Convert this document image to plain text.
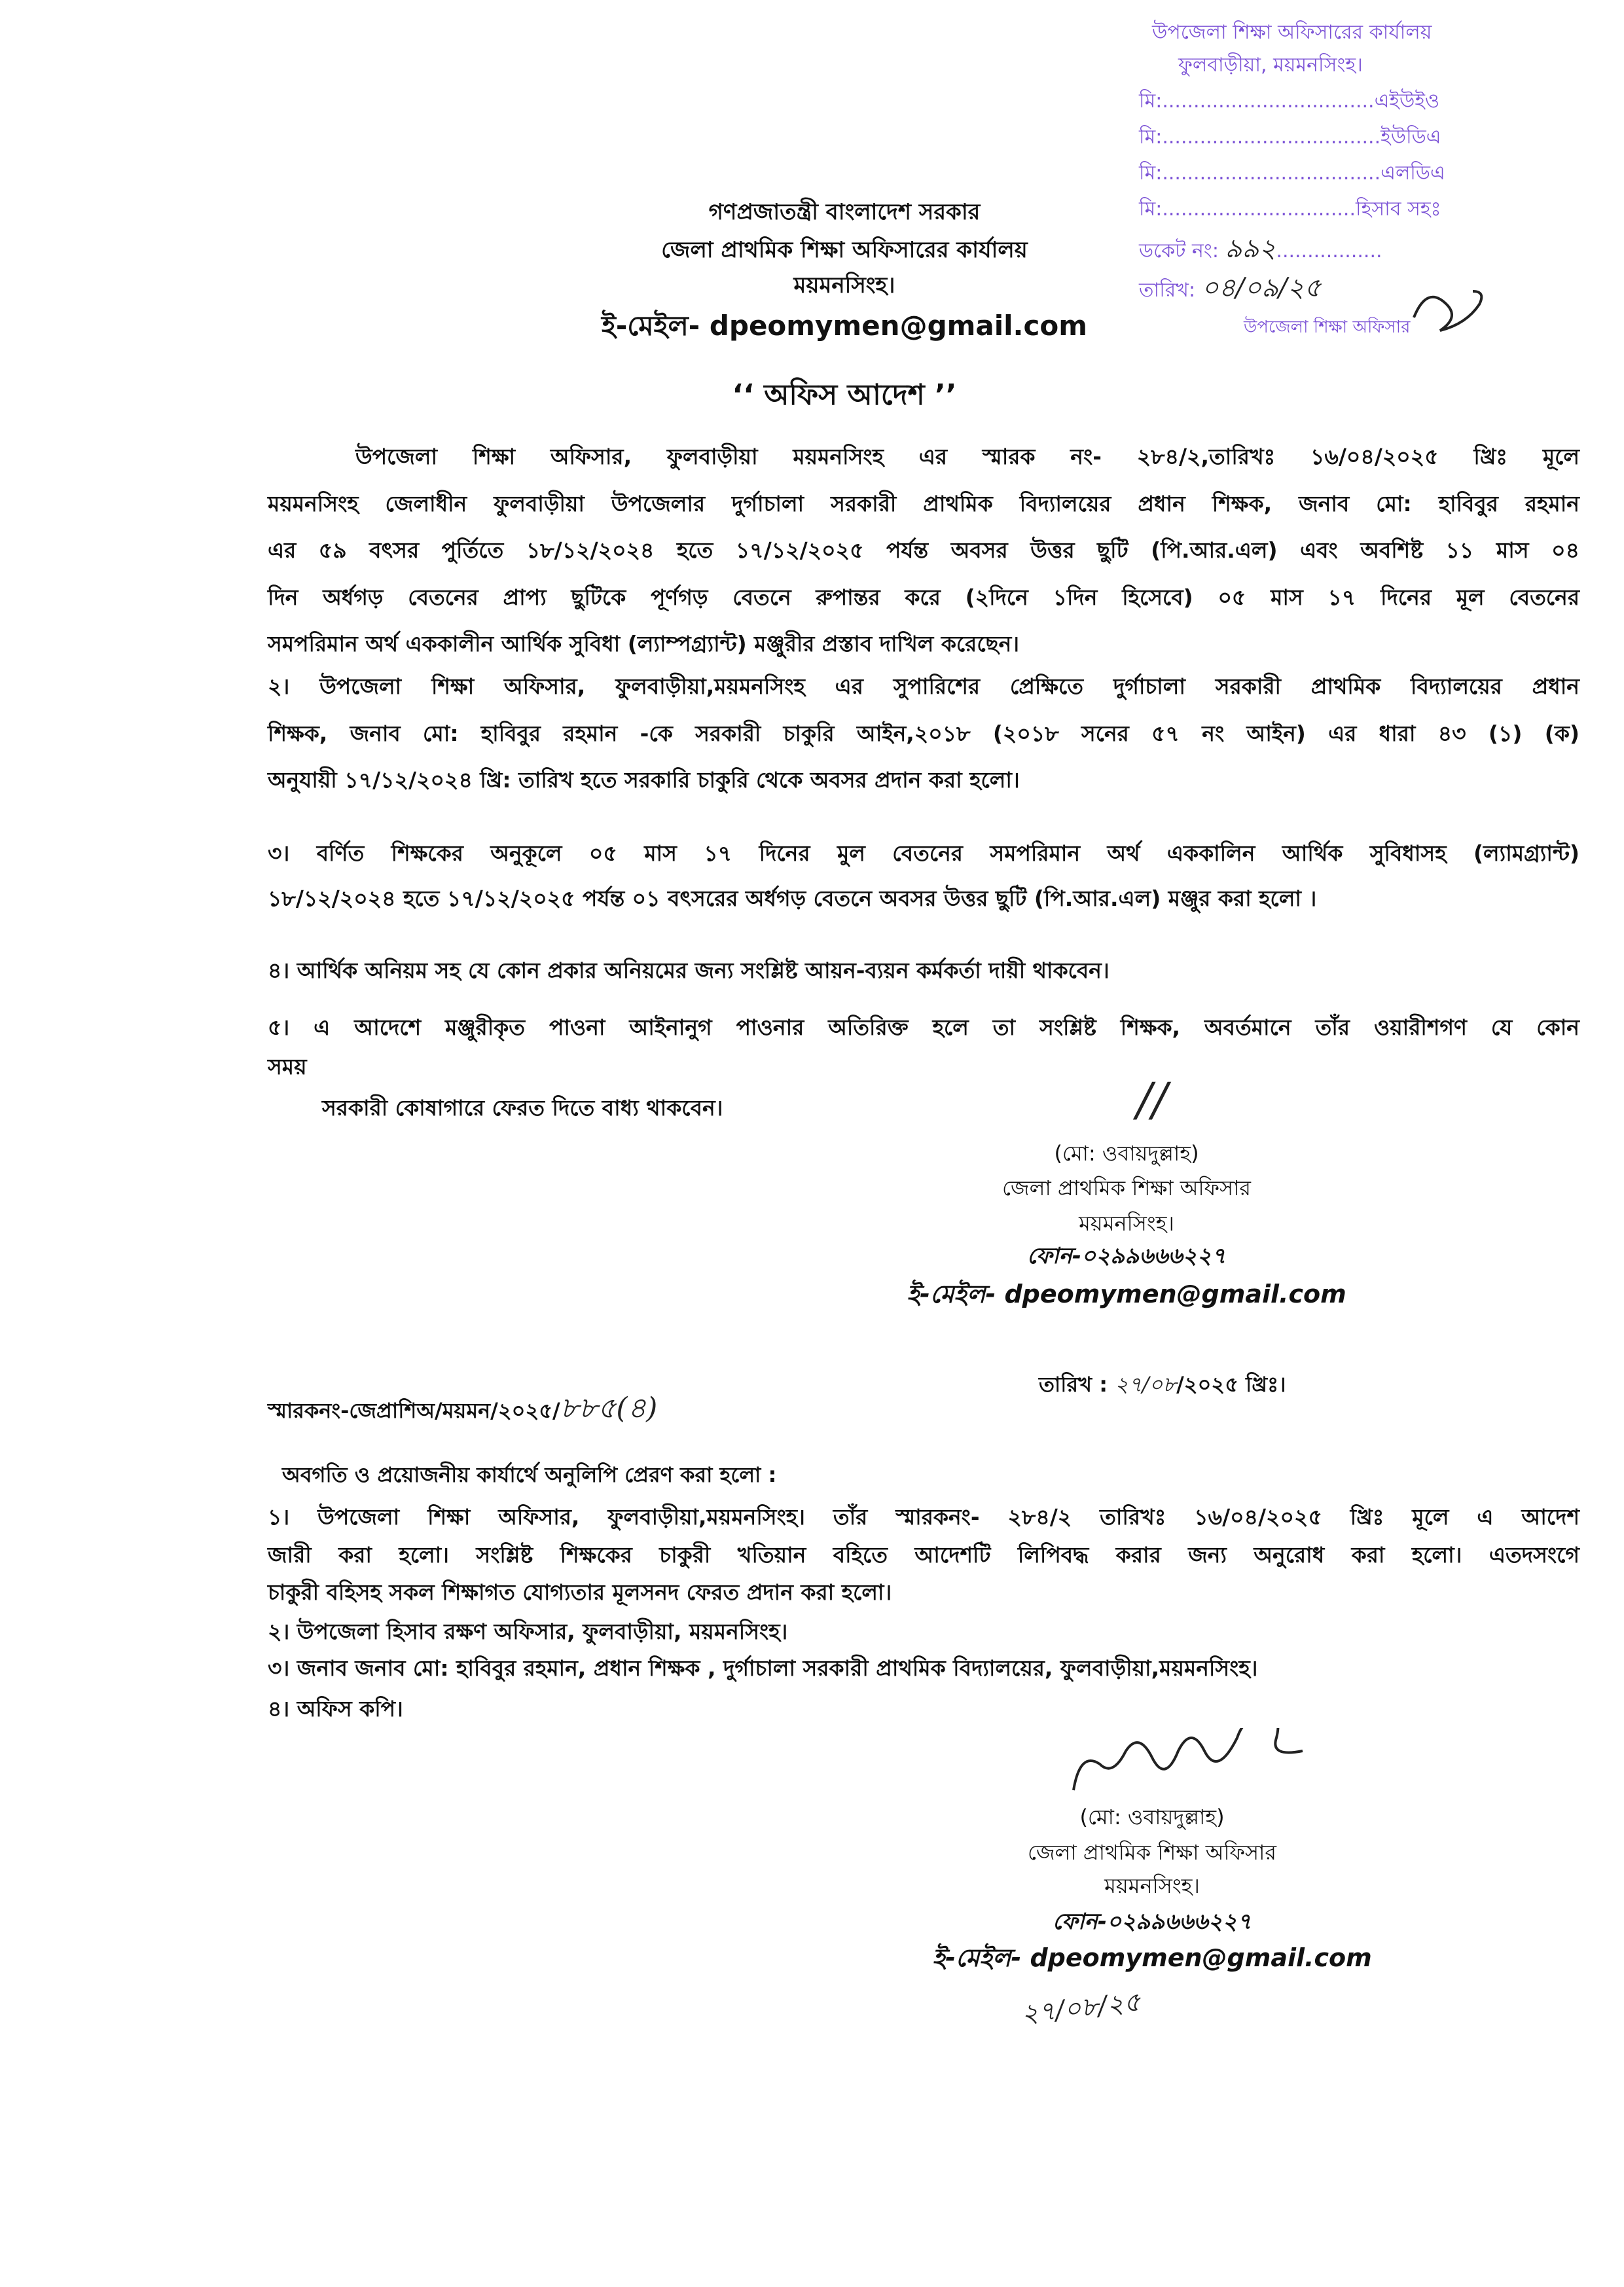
উপজেলা শিক্ষা অফিসারের কার্যালয়
ফুলবাড়ীয়া, ময়মনসিংহ।
মি:..................................এইউইও
মি:...................................ইউডিএ
মি:...................................এলডিএ
মি:...............................হিসাব সহঃ
ডকেট নং: ৯৯২.................
তারিখ: ০৪/০৯/২৫
উপজেলা শিক্ষা অফিসার
গণপ্রজাতন্ত্রী বাংলাদেশ সরকার
জেলা প্রাথমিক শিক্ষা অফিসারের কার্যালয়
ময়মনসিংহ।
ই-মেইল- dpeomymen@gmail.com
‘‘ অফিস আদেশ ’’
উপজেলা শিক্ষা অফিসার, ফুলবাড়ীয়া ময়মনসিংহ এর স্মারক নং- ২৮৪/২,তারিখঃ ১৬/০৪/২০২৫ খ্রিঃ মূলে
ময়মনসিংহ জেলাধীন ফুলবাড়ীয়া উপজেলার দুর্গাচালা সরকারী প্রাথমিক বিদ্যালয়ের প্রধান শিক্ষক, জনাব মো: হাবিবুর রহমান
এর ৫৯ বৎসর পুর্তিতে ১৮/১২/২০২৪ হতে ১৭/১২/২০২৫ পর্যন্ত অবসর উত্তর ছুটি (পি.আর.এল) এবং অবশিষ্ট ১১ মাস ০৪
দিন অর্ধগড় বেতনের প্রাপ্য ছুটিকে পূর্ণগড় বেতনে রুপান্তর করে (২দিনে ১দিন হিসেবে) ০৫ মাস ১৭ দিনের মূল বেতনের
সমপরিমান অর্থ এককালীন আর্থিক সুবিধা (ল্যাম্পগ্র্যান্ট) মঞ্জুরীর প্রস্তাব দাখিল করেছেন।
২। উপজেলা শিক্ষা অফিসার, ফুলবাড়ীয়া,ময়মনসিংহ এর সুপারিশের প্রেক্ষিতে দুর্গাচালা সরকারী প্রাথমিক বিদ্যালয়ের প্রধান
শিক্ষক, জনাব মো: হাবিবুর রহমান -কে সরকারী চাকুরি আইন,২০১৮ (২০১৮ সনের ৫৭ নং আইন) এর ধারা ৪৩ (১) (ক)
অনুযায়ী ১৭/১২/২০২৪ খ্রি: তারিখ হতে সরকারি চাকুরি থেকে অবসর প্রদান করা হলো।
৩। বর্ণিত শিক্ষকের অনুকূলে ০৫ মাস ১৭ দিনের মুল বেতনের সমপরিমান অর্থ এককালিন আর্থিক সুবিধাসহ (ল্যামগ্র্যান্ট)
১৮/১২/২০২৪ হতে ১৭/১২/২০২৫ পর্যন্ত ০১ বৎসরের অর্ধগড় বেতনে অবসর উত্তর ছুটি (পি.আর.এল) মঞ্জুর করা হলো ।
৪। আর্থিক অনিয়ম সহ যে কোন প্রকার অনিয়মের জন্য সংশ্লিষ্ট আয়ন-ব্যয়ন কর্মকর্তা দায়ী থাকবেন।
৫। এ আদেশে মঞ্জুরীকৃত পাওনা আইনানুগ পাওনার অতিরিক্ত হলে তা সংশ্লিষ্ট শিক্ষক, অবর্তমানে তাঁর ওয়ারীশগণ যে কোন
সময়
সরকারী কোষাগারে ফেরত দিতে বাধ্য থাকবেন।	//
(মো: ওবায়দুল্লাহ)
জেলা প্রাথমিক শিক্ষা অফিসার
ময়মনসিংহ।
ফোন-০২৯৯৬৬৬২২৭
ই-মেইল- dpeomymen@gmail.com
স্মারকনং-জেপ্রাশিঅ/ময়মন/২০২৫/৮৮৫(৪)
তারিখ : ২৭/০৮/২০২৫ খ্রিঃ।
অবগতি ও প্রয়োজনীয় কার্যার্থে অনুলিপি প্রেরণ করা হলো :
১। উপজেলা শিক্ষা অফিসার, ফুলবাড়ীয়া,ময়মনসিংহ। তাঁর স্মারকনং- ২৮৪/২ তারিখঃ ১৬/০৪/২০২৫ খ্রিঃ মূলে এ আদেশ
জারী করা হলো। সংশ্লিষ্ট শিক্ষকের চাকুরী খতিয়ান বহিতে আদেশটি লিপিবদ্ধ করার জন্য অনুরোধ করা হলো। এতদসংগে
চাকুরী বহিসহ সকল শিক্ষাগত যোগ্যতার মূলসনদ ফেরত প্রদান করা হলো।
২। উপজেলা হিসাব রক্ষণ অফিসার, ফুলবাড়ীয়া, ময়মনসিংহ।
৩। জনাব জনাব মো: হাবিবুর রহমান, প্রধান শিক্ষক , দুর্গাচালা সরকারী প্রাথমিক বিদ্যালয়ের, ফুলবাড়ীয়া,ময়মনসিংহ।
৪। অফিস কপি।
(মো: ওবায়দুল্লাহ)
জেলা প্রাথমিক শিক্ষা অফিসার
ময়মনসিংহ।
ফোন-০২৯৯৬৬৬২২৭
ই-মেইল- dpeomymen@gmail.com
২৭/০৮/২৫
